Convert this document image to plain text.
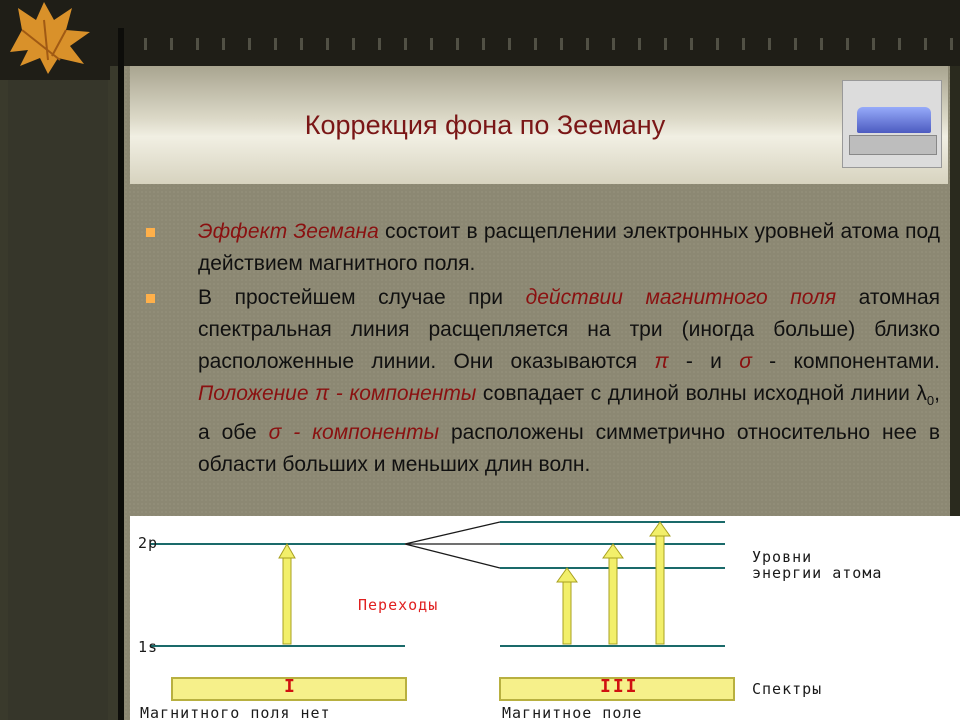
Коррекция фона по Зееману
Эффект Зеемана состоит в расщеплении электронных уровней атома под действием магнитного поля.
В простейшем случае при действии магнитного поля атомная спектральная линия расщепляется на три (иногда больше) близко расположенные линии. Они оказываются π - и σ - компонентами. Положение π - компоненты совпадает с длиной волны исходной линии $\lambda_0$, а обе σ - компоненты расположены симметрично относительно нее в области больших и меньших длин волн.
2p
1s
Переходы
Уровни
энергии атома
Спектры
I	III
Магнитного поля нет	Магнитное поле
